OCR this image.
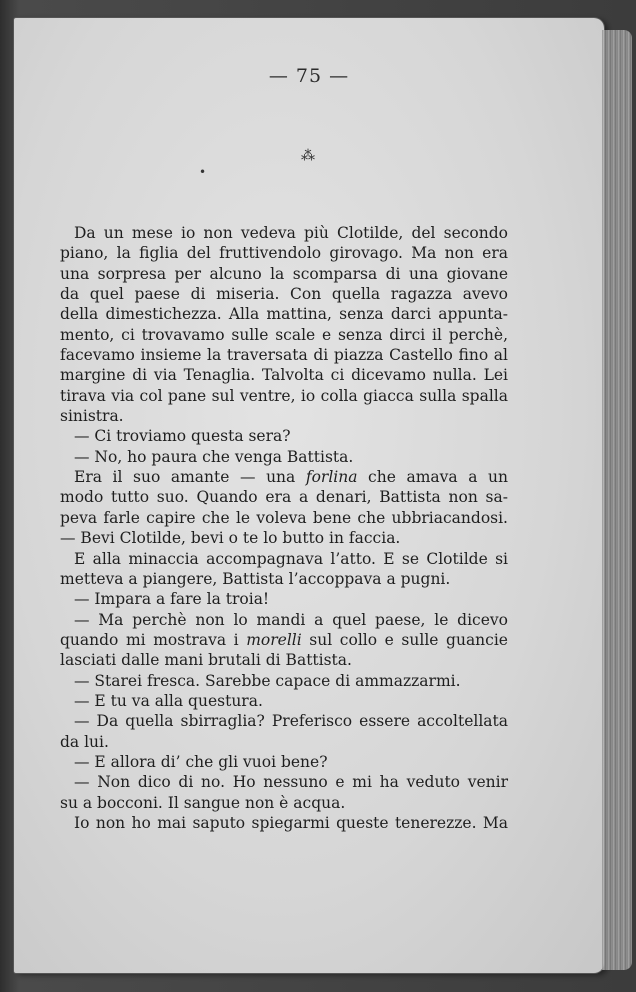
— 75 —
⁂
•
Da un mese io non vedeva più Clotilde, del secondo
piano, la figlia del fruttivendolo girovago. Ma non era
una sorpresa per alcuno la scomparsa di una giovane
da quel paese di miseria. Con quella ragazza avevo
della dimestichezza. Alla mattina, senza darci appunta-
mento, ci trovavamo sulle scale e senza dirci il perchè,
facevamo insieme la traversata di piazza Castello fino al
margine di via Tenaglia. Talvolta ci dicevamo nulla. Lei
tirava via col pane sul ventre, io colla giacca sulla spalla
sinistra.
— Ci troviamo questa sera?
— No, ho paura che venga Battista.
Era il suo amante — una forlina che amava a un
modo tutto suo. Quando era a denari, Battista non sa-
peva farle capire che le voleva bene che ubbriacandosi.
— Bevi Clotilde, bevi o te lo butto in faccia.
E alla minaccia accompagnava l’atto. E se Clotilde si
metteva a piangere, Battista l’accoppava a pugni.
— Impara a fare la troia!
— Ma perchè non lo mandi a quel paese, le dicevo
quando mi mostrava i morelli sul collo e sulle guancie
lasciati dalle mani brutali di Battista.
— Starei fresca. Sarebbe capace di ammazzarmi.
— E tu va alla questura.
— Da quella sbirraglia? Preferisco essere accoltellata
da lui.
— E allora di’ che gli vuoi bene?
— Non dico di no. Ho nessuno e mi ha veduto venir
su a bocconi. Il sangue non è acqua.
Io non ho mai saputo spiegarmi queste tenerezze. Ma
